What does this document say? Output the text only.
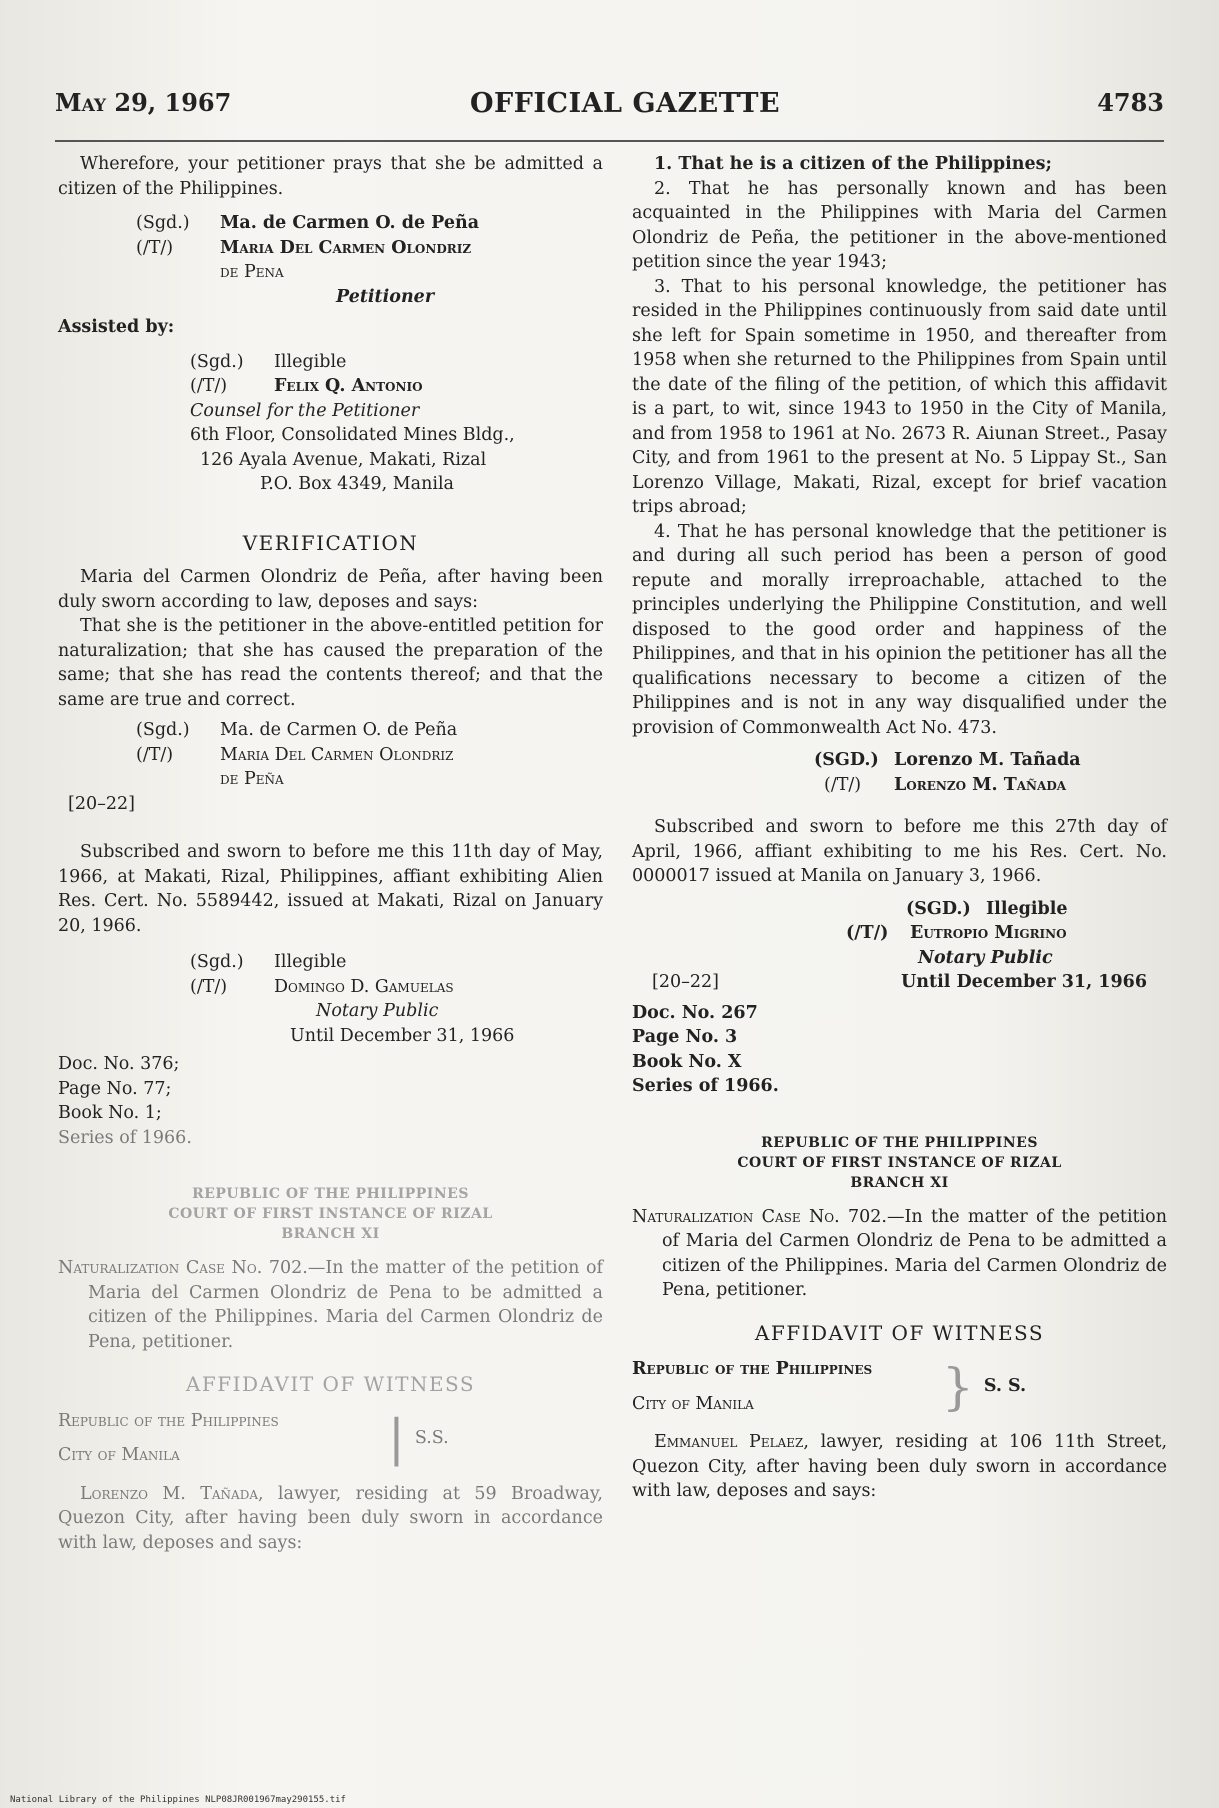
May 29, 1967	OFFICIAL GAZETTE	4783

Wherefore, your petitioner prays that she be admitted a citizen of the Philippines.

(Sgd.) Ma. de Carmen O. de Peña
(/T/)	Maria Del Carmen Olondriz
de Pena
Petitioner
Assisted by:
(Sgd.) Illegible
(/T/)	Felix Q. Antonio
Counsel for the Petitioner
6th Floor, Consolidated Mines Bldg.,
126 Ayala Avenue, Makati, Rizal
P.O. Box 4349, Manila
VERIFICATION

Maria del Carmen Olondriz de Peña, after having been duly sworn according to law, deposes and says:

That she is the petitioner in the above-entitled petition for naturalization; that she has caused the preparation of the same; that she has read the contents thereof; and that the same are true and correct.

(Sgd.) Ma. de Carmen O. de Peña
(/T/)	Maria Del Carmen Olondriz
de Peña
[20–22]

Subscribed and sworn to before me this 11th day of May, 1966, at Makati, Rizal, Philippines, affiant exhibiting Alien Res. Cert. No. 5589442, issued at Makati, Rizal on January 20, 1966.

(Sgd.) Illegible
(/T/)	Domingo D. Gamuelas
Notary Public
Until December 31, 1966
Doc. No. 376;
Page No. 77;
Book No. 1;
Series of 1966.
REPUBLIC OF THE PHILIPPINES
COURT OF FIRST INSTANCE OF RIZAL
BRANCH XI

Naturalization Case No. 702.—In the matter of the petition of Maria del Carmen Olondriz de Pena to be admitted a citizen of the Philippines. Maria del Carmen Olondriz de Pena, petitioner.

AFFIDAVIT OF WITNESS
Republic of the Philippines
City of Manila	| S.S.

Lorenzo M. Tañada, lawyer, residing at 59 Broadway, Quezon City, after having been duly sworn in accordance with law, deposes and says:

1. That he is a citizen of the Philippines;

2. That he has personally known and has been acquainted in the Philippines with Maria del Carmen Olondriz de Peña, the petitioner in the above-mentioned petition since the year 1943;

3. That to his personal knowledge, the petitioner has resided in the Philippines continuously from said date until she left for Spain sometime in 1950, and thereafter from 1958 when she returned to the Philippines from Spain until the date of the filing of the petition, of which this affidavit is a part, to wit, since 1943 to 1950 in the City of Manila, and from 1958 to 1961 at No. 2673 R. Aiunan Street., Pasay City, and from 1961 to the present at No. 5 Lippay St., San Lorenzo Village, Makati, Rizal, except for brief vacation trips abroad;

4. That he has personal knowledge that the petitioner is and during all such period has been a person of good repute and morally irreproachable, attached to the principles underlying the Philippine Constitution, and well disposed to the good order and happiness of the Philippines, and that in his opinion the petitioner has all the qualifications necessary to become a citizen of the Philippines and is not in any way disqualified under the provision of Commonwealth Act No. 473.

(SGD.) Lorenzo M. Tañada
(/T/) Lorenzo M. Tañada

Subscribed and sworn to before me this 27th day of April, 1966, affiant exhibiting to me his Res. Cert. No. 0000017 issued at Manila on January 3, 1966.

(SGD.) Illegible
(/T/) Eutropio Migrino
Notary Public
[20–22]	Until December 31, 1966
Doc. No. 267
Page No. 3
Book No. X
Series of 1966.
REPUBLIC OF THE PHILIPPINES
COURT OF FIRST INSTANCE OF RIZAL
BRANCH XI

Naturalization Case No. 702.—In the matter of the petition of Maria del Carmen Olondriz de Pena to be admitted a citizen of the Philippines. Maria del Carmen Olondriz de Pena, petitioner.

AFFIDAVIT OF WITNESS
Republic of the Philippines
City of Manila	} S. S.

Emmanuel Pelaez, lawyer, residing at 106 11th Street, Quezon City, after having been duly sworn in accordance with law, deposes and says:

National Library of the Philippines NLP08JR001967may290155.tif
